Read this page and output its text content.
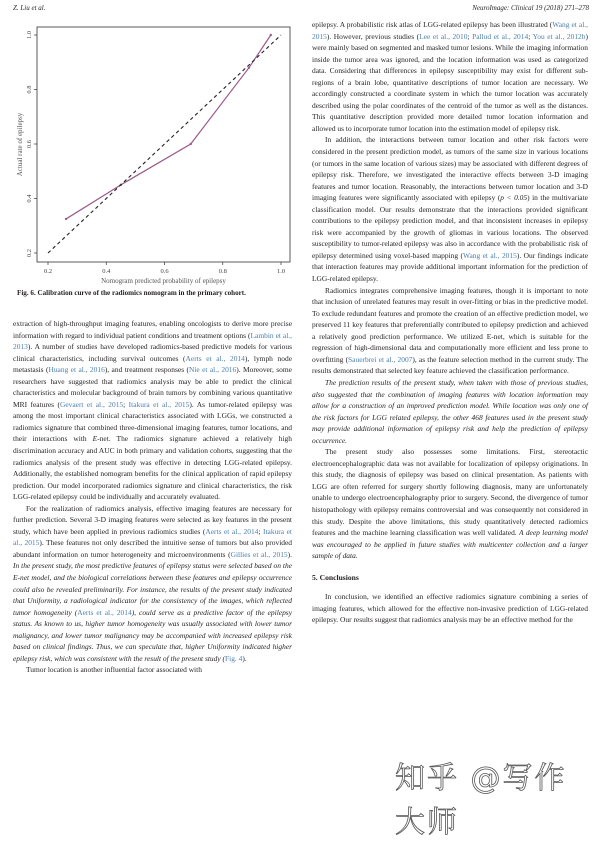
Z. Liu et al.	NeuroImage: Clinical 19 (2018) 271–278
0.2	0.4	0.6	0.8	1.0
0.2
0.4
0.6
0.8
1.0
Nomogram predicted probability of epilepsy
Actual rate of epilepsy
Fig. 6. Calibration curve of the radiomics nomogram in the primary cohort.

extraction of high-throughput imaging features, enabling oncologists to derive more precise information with regard to individual patient conditions and treatment options (Lambin et al., 2013). A number of studies have developed radiomics-based predictive models for various clinical characteristics, including survival outcomes (Aerts et al., 2014), lymph node metastasis (Huang et al., 2016), and treatment responses (Nie et al., 2016). Moreover, some researchers have suggested that radiomics analysis may be able to predict the clinical characteristics and molecular background of brain tumors by combining various quantitative MRI features (Gevaert et al., 2015; Itakura et al., 2015). As tumor-related epilepsy was among the most important clinical characteristics associated with LGGs, we constructed a radiomics signature that combined three-dimensional imaging features, tumor locations, and their interactions with E-net. The radiomics signature achieved a relatively high discrimination accuracy and AUC in both primary and validation cohorts, suggesting that the radiomics analysis of the present study was effective in detecting LGG-related epilepsy. Additionally, the established nomogram benefits for the clinical application of rapid epilepsy prediction. Our model incorporated radiomics signature and clinical characteristics, the risk LGG-related epilepsy could be individually and accurately evaluated.

For the realization of radiomics analysis, effective imaging features are necessary for further prediction. Several 3-D imaging features were selected as key features in the present study, which have been applied in previous radiomics studies (Aerts et al., 2014; Itakura et al., 2015). These features not only described the intuitive sense of tumors but also provided abundant information on tumor heterogeneity and microenvironments (Gillies et al., 2015). In the present study, the most predictive features of epilepsy status were selected based on the E-net model, and the biological correlations between these features and epilepsy occurrence could also be revealed preliminarily. For instance, the results of the present study indicated that Uniformity, a radiological indicator for the consistency of the images, which reflected tumor homogeneity (Aerts et al., 2014), could serve as a predictive factor of the epilepsy status. As known to us, higher tumor homogeneity was usually associated with lower tumor malignancy, and lower tumor malignancy may be accompanied with increased epilepsy risk based on clinical findings. Thus, we can speculate that, higher Uniformity indicated higher epilepsy risk, which was consistent with the result of the present study (Fig. 4).

Tumor location is another influential factor associated with

epilepsy. A probabilistic risk atlas of LGG-related epilepsy has been illustrated (Wang et al., 2015). However, previous studies (Lee et al., 2010; Pallud et al., 2014; You et al., 2012b) were mainly based on segmented and masked tumor lesions. While the imaging information inside the tumor area was ignored, and the location information was used as categorized data. Considering that differences in epilepsy susceptibility may exist for different sub-regions of a brain lobe, quantitative descriptions of tumor location are necessary. We accordingly constructed a coordinate system in which the tumor location was accurately described using the polar coordinates of the centroid of the tumor as well as the distances. This quantitative description provided more detailed tumor location information and allowed us to incorporate tumor location into the estimation model of epilepsy risk.

In addition, the interactions between tumor location and other risk factors were considered in the present prediction model, as tumors of the same size in various locations (or tumors in the same location of various sizes) may be associated with different degrees of epilepsy risk. Therefore, we investigated the interactive effects between 3-D imaging features and tumor location. Reasonably, the interactions between tumor location and 3-D imaging features were significantly associated with epilepsy (p < 0.05) in the multivariate classification model. Our results demonstrate that the interactions provided significant contributions to the epilepsy prediction model, and that inconsistent increases in epilepsy risk were accompanied by the growth of gliomas in various locations. The observed susceptibility to tumor-related epilepsy was also in accordance with the probabilistic risk of epilepsy determined using voxel-based mapping (Wang et al., 2015). Our findings indicate that interaction features may provide additional important information for the prediction of LGG-related epilepsy.

Radiomics integrates comprehensive imaging features, though it is important to note that inclusion of unrelated features may result in over-fitting or bias in the predictive model. To exclude redundant features and promote the creation of an effective prediction model, we preserved 11 key features that preferentially contributed to epilepsy prediction and achieved a relatively good prediction performance. We utilized E-net, which is suitable for the regression of high-dimensional data and computationally more efficient and less prone to overfitting (Sauerbrei et al., 2007), as the feature selection method in the current study. The results demonstrated that selected key feature achieved the classification performance.

The prediction results of the present study, when taken with those of previous studies, also suggested that the combination of imaging features with location information may allow for a construction of an improved prediction model. While location was only one of the risk factors for LGG related epilepsy, the other 468 features used in the present study may provide additional information of epilepsy risk and help the prediction of epilepsy occurrence.

The present study also possesses some limitations. First, stereotactic electroencephalographic data was not available for localization of epilepsy originations. In this study, the diagnosis of epilepsy was based on clinical presentation. As patients with LGG are often referred for surgery shortly following diagnosis, many are unfortunately unable to undergo electroencephalography prior to surgery. Second, the divergence of tumor histopathology with epilepsy remains controversial and was consequently not considered in this study. Despite the above limitations, this study quantitatively detected radiomics features and the machine learning classification was well validated. A deep learning model was encouraged to be applied in future studies with multicenter collection and a larger sample of data.

5. Conclusions

In conclusion, we identified an effective radiomics signature combining a series of imaging features, which allowed for the effective non-invasive prediction of LGG-related epilepsy. Our results suggest that radiomics analysis may be an effective method for the

知乎 @写作大师
